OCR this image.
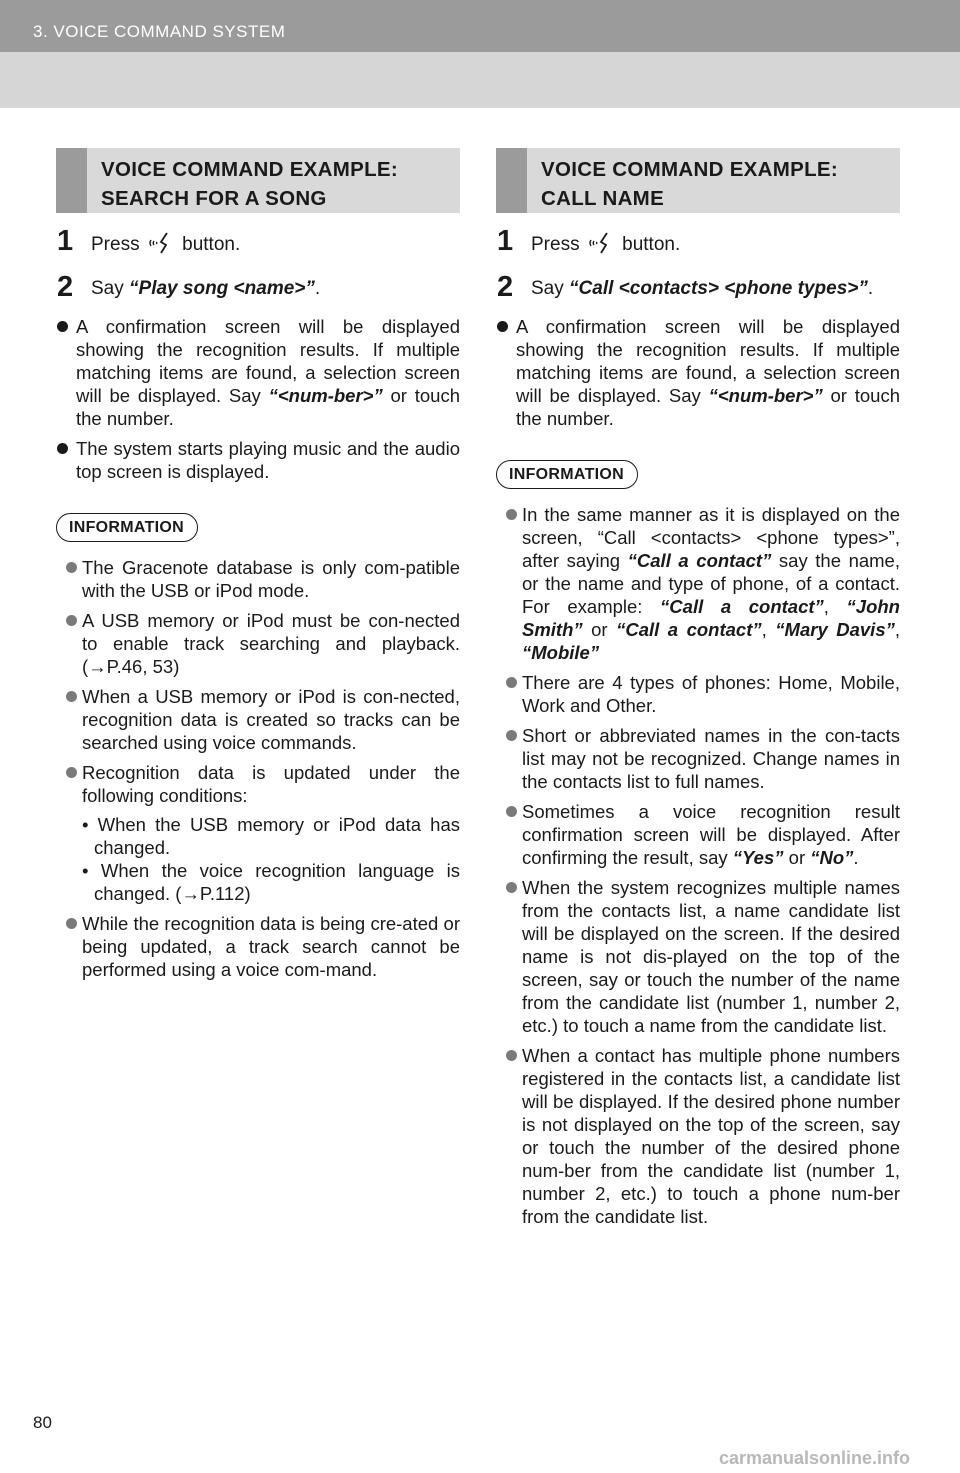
3. VOICE COMMAND SYSTEM
VOICE COMMAND EXAMPLE:
SEARCH FOR A SONG
1 Press button.
2 Say “Play song <name>”.
A confirmation screen will be displayed showing the recognition results. If multiple matching items are found, a selection screen will be displayed. Say “<num-ber>” or touch the number.
The system starts playing music and the audio top screen is displayed.
INFORMATION
The Gracenote database is only com-patible with the USB or iPod mode.
A USB memory or iPod must be con-nected to enable track searching and playback. (→P.46, 53)
When a USB memory or iPod is con-nected, recognition data is created so tracks can be searched using voice commands.
Recognition data is updated under the following conditions:
• When the USB memory or iPod data has changed.
• When the voice recognition language is changed. (→P.112)
While the recognition data is being cre-ated or being updated, a track search cannot be performed using a voice com-mand.
VOICE COMMAND EXAMPLE:
CALL NAME
1 Press button.
2 Say “Call <contacts> <phone types>”.
A confirmation screen will be displayed showing the recognition results. If multiple matching items are found, a selection screen will be displayed. Say “<num-ber>” or touch the number.
INFORMATION
In the same manner as it is displayed on the screen, “Call <contacts> <phone types>”, after saying “Call a contact” say the name, or the name and type of phone, of a contact. For example: “Call a contact”, “John Smith” or “Call a contact”, “Mary Davis”, “Mobile”
There are 4 types of phones: Home, Mobile, Work and Other.
Short or abbreviated names in the con-tacts list may not be recognized. Change names in the contacts list to full names.
Sometimes a voice recognition result confirmation screen will be displayed. After confirming the result, say “Yes” or “No”.
When the system recognizes multiple names from the contacts list, a name candidate list will be displayed on the screen. If the desired name is not dis-played on the top of the screen, say or touch the number of the name from the candidate list (number 1, number 2, etc.) to touch a name from the candidate list.
When a contact has multiple phone numbers registered in the contacts list, a candidate list will be displayed. If the desired phone number is not displayed on the top of the screen, say or touch the number of the desired phone num-ber from the candidate list (number 1, number 2, etc.) to touch a phone num-ber from the candidate list.
80
carmanualsonline.info
